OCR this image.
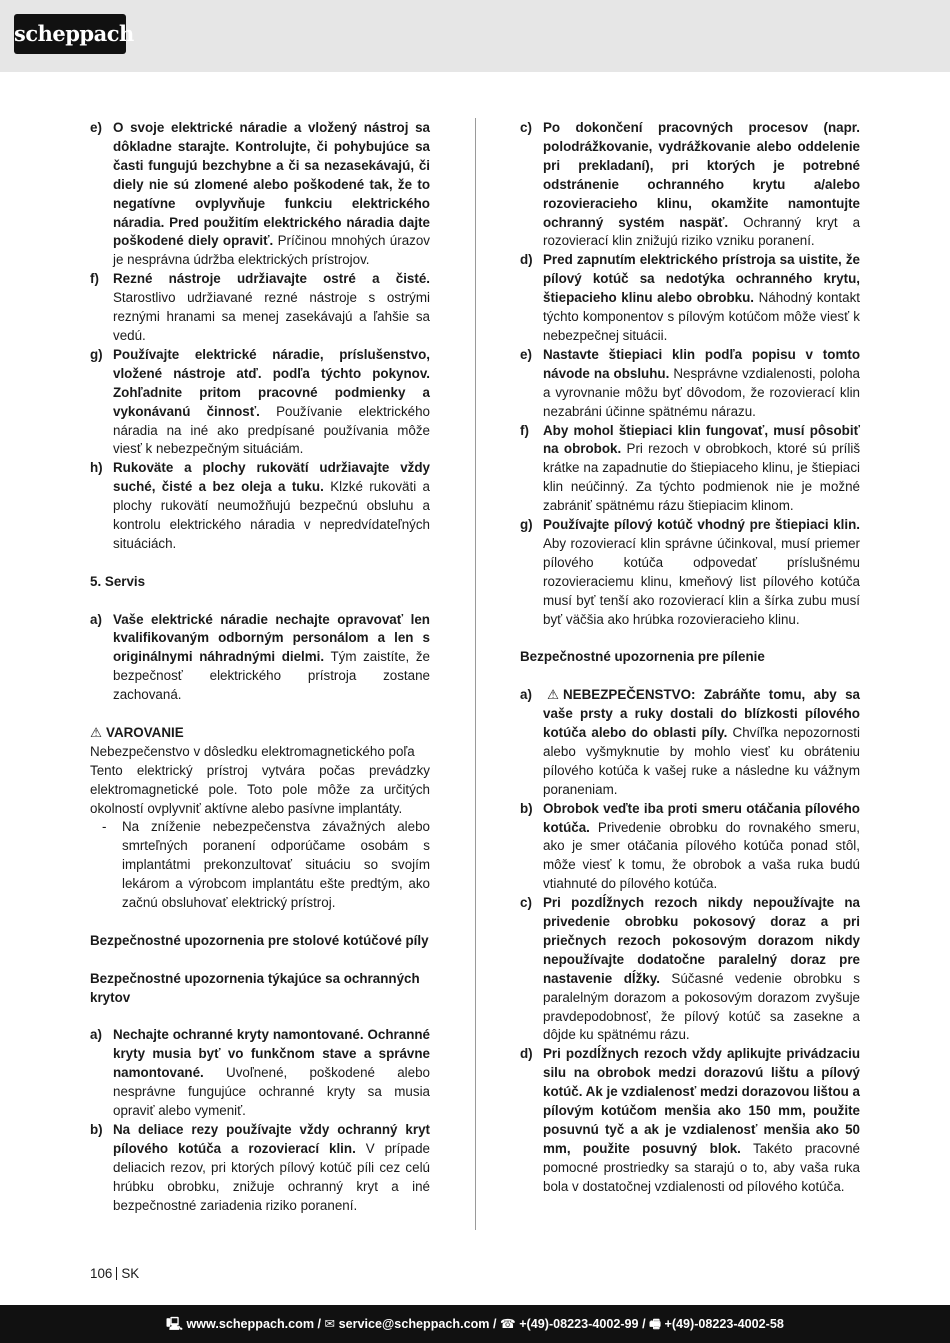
scheppach
e) O svoje elektrické náradie a vložený nástroj sa dôkladne starajte. Kontrolujte, či pohybujúce sa časti fungujú bezchybne a či sa nezasekávajú, či diely nie sú zlomené alebo poškodené tak, že to negatívne ovplyvňuje funkciu elektrického náradia. Pred použitím elektrického náradia dajte poškodené diely opraviť. Príčinou mnohých úrazov je nesprávna údržba elektrických prístrojov.
f)	Rezné nástroje udržiavajte ostré a čisté. Starostlivo udržiavané rezné nástroje s ostrými reznými hranami sa menej zasekávajú a ľahšie sa vedú.
g) Používajte elektrické náradie, príslušenstvo, vložené nástroje atď. podľa týchto pokynov. Zohľadnite pritom pracovné podmienky a vykonávanú činnosť. Používanie elektrického náradia na iné ako predpísané používania môže viesť k nebezpečným situáciám.
h) Rukoväte a plochy rukovätí udržiavajte vždy suché, čisté a bez oleja a tuku. Klzké rukoväti a plochy rukovätí neumožňujú bezpečnú obsluhu a kontrolu elektrického náradia v nepredvídateľných situáciách.

5. Servis

a) Vaše elektrické náradie nechajte opravovať len kvalifikovaným odborným personálom a len s originálnymi náhradnými dielmi. Tým zaistíte, že bezpečnosť elektrického prístroja zostane zachovaná.

⚠ VAROVANIE

Nebezpečenstvo v dôsledku elektromagnetického poľa

Tento elektrický prístroj vytvára počas prevádzky elektromagnetické pole. Toto pole môže za určitých okolností ovplyvniť aktívne alebo pasívne implantáty.

-	Na zníženie nebezpečenstva závažných alebo smrteľných poranení odporúčame osobám s implantátmi prekonzultovať situáciu so svojím lekárom a výrobcom implantátu ešte predtým, ako začnú obsluhovať elektrický prístroj.

Bezpečnostné upozornenia pre stolové kotúčové píly

Bezpečnostné upozornenia týkajúce sa ochranných krytov

a) Nechajte ochranné kryty namontované. Ochranné kryty musia byť vo funkčnom stave a správne namontované. Uvoľnené, poškodené alebo nesprávne fungujúce ochranné kryty sa musia opraviť alebo vymeniť.
b) Na deliace rezy používajte vždy ochranný kryt pílového kotúča a rozovierací klin. V prípade deliacich rezov, pri ktorých pílový kotúč píli cez celú hrúbku obrobku, znižuje ochranný kryt a iné bezpečnostné zariadenia riziko poranení.
c) Po dokončení pracovných procesov (napr. polodrážkovanie, vydrážkovanie alebo oddelenie pri prekladaní), pri ktorých je potrebné odstránenie ochranného krytu a/alebo rozovieracieho klinu, okamžite namontujte ochranný systém naspäť. Ochranný kryt a rozovierací klin znižujú riziko vzniku poranení.
d) Pred zapnutím elektrického prístroja sa uistite, že pílový kotúč sa nedotýka ochranného krytu, štiepacieho klinu alebo obrobku. Náhodný kontakt týchto komponentov s pílovým kotúčom môže viesť k nebezpečnej situácii.
e) Nastavte štiepiaci klin podľa popisu v tomto návode na obsluhu. Nesprávne vzdialenosti, poloha a vyrovnanie môžu byť dôvodom, že rozovierací klin nezabráni účinne spätnému nárazu.
f)	Aby mohol štiepiaci klin fungovať, musí pôsobiť na obrobok. Pri rezoch v obrobkoch, ktoré sú príliš krátke na zapadnutie do štiepiaceho klinu, je štiepiaci klin neúčinný. Za týchto podmienok nie je možné zabrániť spätnému rázu štiepiacim klinom.
g) Používajte pílový kotúč vhodný pre štiepiaci klin. Aby rozovierací klin správne účinkoval, musí priemer pílového kotúča odpovedať príslušnému rozovieraciemu klinu, kmeňový list pílového kotúča musí byť tenší ako rozovierací klin a šírka zubu musí byť väčšia ako hrúbka rozovieracieho klinu.

Bezpečnostné upozornenia pre pílenie

a)	⚠ NEBEZPEČENSTVO: Zabráňte tomu, aby sa vaše prsty a ruky dostali do blízkosti pílového kotúča alebo do oblasti píly. Chvíľka nepozornosti alebo vyšmyknutie by mohlo viesť ku obráteniu pílového kotúča k vašej ruke a následne ku vážnym poraneniam.
b) Obrobok veďte iba proti smeru otáčania pílového kotúča. Privedenie obrobku do rovnakého smeru, ako je smer otáčania pílového kotúča ponad stôl, môže viesť k tomu, že obrobok a vaša ruka budú vtiahnuté do pílového kotúča.
c) Pri pozdĺžnych rezoch nikdy nepoužívajte na privedenie obrobku pokosový doraz a pri priečnych rezoch pokosovým dorazom nikdy nepoužívajte dodatočne paralelný doraz pre nastavenie dĺžky. Súčasné vedenie obrobku s paralelným dorazom a pokosovým dorazom zvyšuje pravdepodobnosť, že pílový kotúč sa zasekne a dôjde ku spätnému rázu.
d) Pri pozdĺžnych rezoch vždy aplikujte privádzaciu silu na obrobok medzi dorazovú lištu a pílový kotúč. Ak je vzdialenosť medzi dorazovou lištou a pílovým kotúčom menšia ako 150 mm, použite posuvnú tyč a ak je vzdialenosť menšia ako 50 mm, použite posuvný blok. Takéto pracovné pomocné prostriedky sa starajú o to, aby vaša ruka bola v dostatočnej vzdialenosti od pílového kotúča.
106 SK
🖳 www.scheppach.com / ✉ service@scheppach.com / ☎ +(49)-08223-4002-99 / 🖷 +(49)-08223-4002-58
